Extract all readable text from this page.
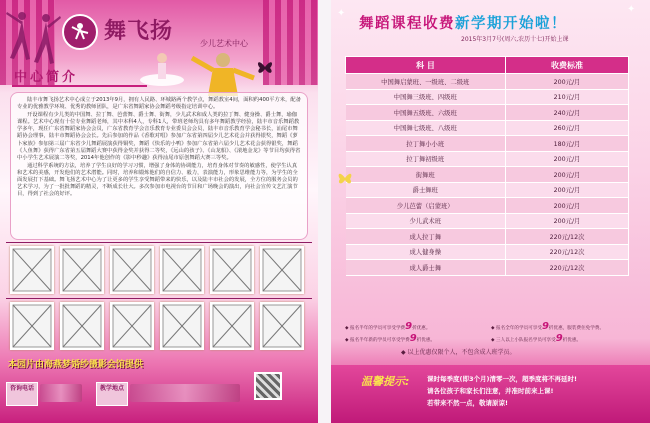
舞飞扬	少儿艺术中心
中心简介

陆丰市舞飞扬艺术中心成立于2013年9月，拥有人民路、环城路两个教学点，舞蹈教室4间，面积约400平方米，配备专业的优雅教学环境、优秀的教师团队，是广东省舞蹈家协会舞蹈考级指定培训中心。

开设课程有少儿类的中国舞、拉丁舞、芭蕾舞、爵士舞、街舞，少儿武术和成人类的拉丁舞、健身操、爵士舞，瑜伽课程。艺术中心现有十位专业舞蹈老师，其中本科4人，专科1人，带班老师均具有多年舞蹈教学经验，陆丰市音乐舞蹈教学多年，现任广东省舞蹈家协会会员，广东省教育学会音乐教育专业委员会会员，陆丰市音乐教育学会秘书长，汕尾市舞蹈协会理事，陆丰市舞蹈协会会长。先后参加的作品《香歌对唱》参加广东省第四届少儿艺术花会并获得银奖，舞蹈《萝卜家族》参加第三届广东省少儿舞蹈展演获得铜奖，舞蹈《快乐的小鸭》参加广东省第六届少儿艺术花会获得银奖，舞蹈《人鱼舞》获得广东省第五届舞蹈大赛中获得金奖并获得二等奖，《远山的孩子》、《山龙船》、《滚地金龙》等节目均获得省中小学生艺术展演二等奖，2014年他创作的《影中秒趣》获得汕尾市原创舞蹈大赛三等奖。

通过科学系统的方法，培养了学生良好的学习习惯，增强了身体的协调能力，培育身体对节奏的敏感性，使学生认真和艺术的美感，开发他们的艺术潜能。同时，培养和锻炼他们的自信力、毅力，表演能力，形象思维能力等，为学生的全面发展打下基础。舞飞扬艺术中心为了让更多的学生享受舞蹈带来的快乐，以及陆丰市社会的发展，全方位的服务会员的艺术学习，为了一批批舞蹈的精灵，不断成长壮大。多次参加市电视台的节目和广场晚会的演出，向社会宣传文艺汇演节目，得到了社会的好评。

本园片由海燕梦婚纱摄影会馆提供
咨询电话	教学地点
✦	✦
舞蹈课程收费新学期开始啦！
2015年3月7号(周六,农历十七)开始上课
科 目	收费标准
中国舞启蒙班、一级班、二级班	200元/月
中国舞三级班、四级班	210元/月
中国舞五级班、六级班	240元/月
中国舞七级班、八级班	260元/月
拉丁舞小小班	180元/月
拉丁舞初级班	200元/月
街舞班	200元/月
爵士舞班	200元/月
少儿芭蕾（启蒙班）	200元/月
少儿武术班	200元/月
成人拉丁舞	220元/12次
成人健身操	220元/12次
成人爵士舞	220元/12次
◆ 报名半年的学员可享受学费9折优惠。	◆ 报名全年的学员可享受9折优惠，服装费住免学费。
◆ 报名半年新的学员可享受学费9折优惠。	◆ 三人以上小队报名学员可享受9折优惠。
◆ 以上优惠仅限个人，不包含成人班学员。
温馨提示:	课时每季度(即3个月)清零一次，超季度将不再延时!
请各位孩子和家长们注意，并准时前来上课!
若带来不然一点，敬请原谅!
